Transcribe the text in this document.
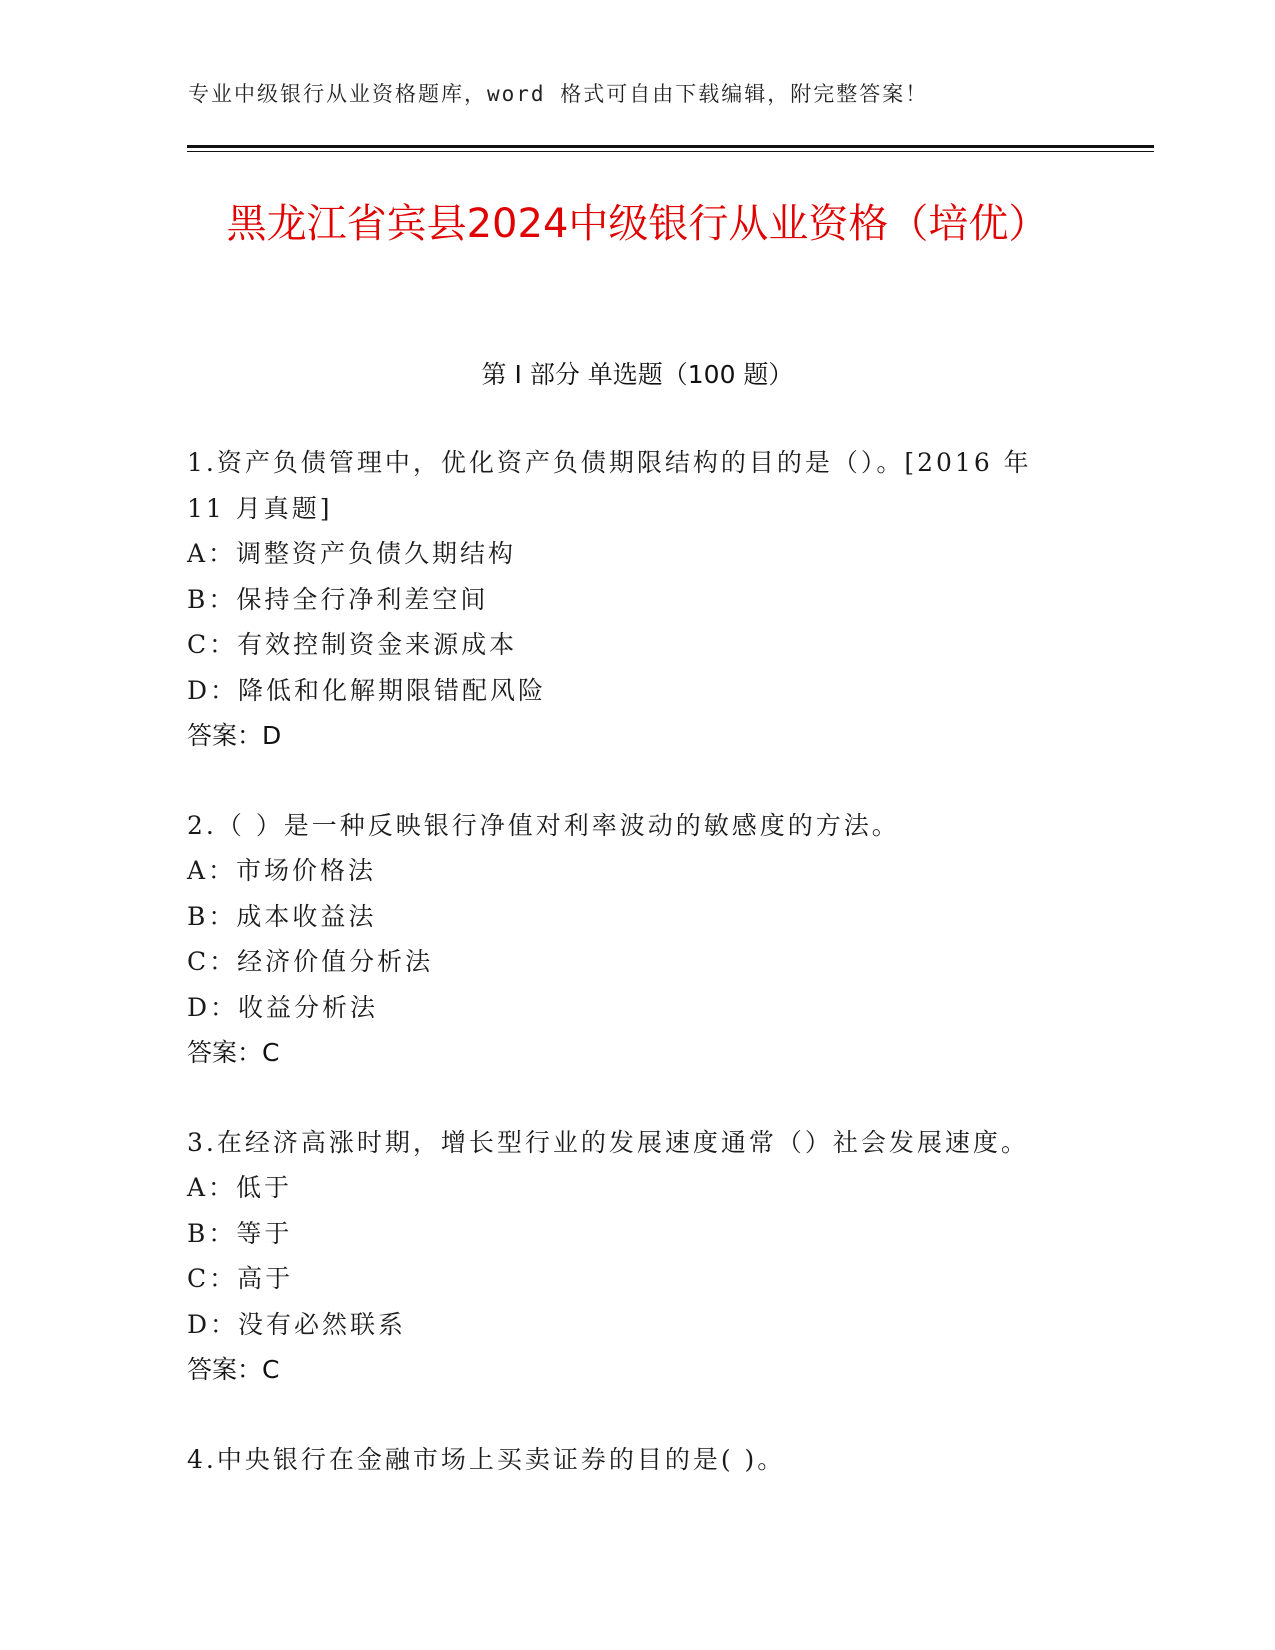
专业中级银行从业资格题库，word 格式可自由下载编辑，附完整答案！
黑龙江省宾县2024中级银行从业资格（培优）
第 I 部分 单选题（100 题）
1.资产负债管理中，优化资产负债期限结构的目的是（）。[2016 年 11 月真题]
A：调整资产负债久期结构
B：保持全行净利差空间
C：有效控制资金来源成本
D：降低和化解期限错配风险
答案：D
2.（ ）是一种反映银行净值对利率波动的敏感度的方法。
A：市场价格法
B：成本收益法
C：经济价值分析法
D：收益分析法
答案：C
3.在经济高涨时期，增长型行业的发展速度通常（）社会发展速度。
A：低于
B：等于
C：高于
D：没有必然联系
答案：C
4.中央银行在金融市场上买卖证券的目的是( )。
